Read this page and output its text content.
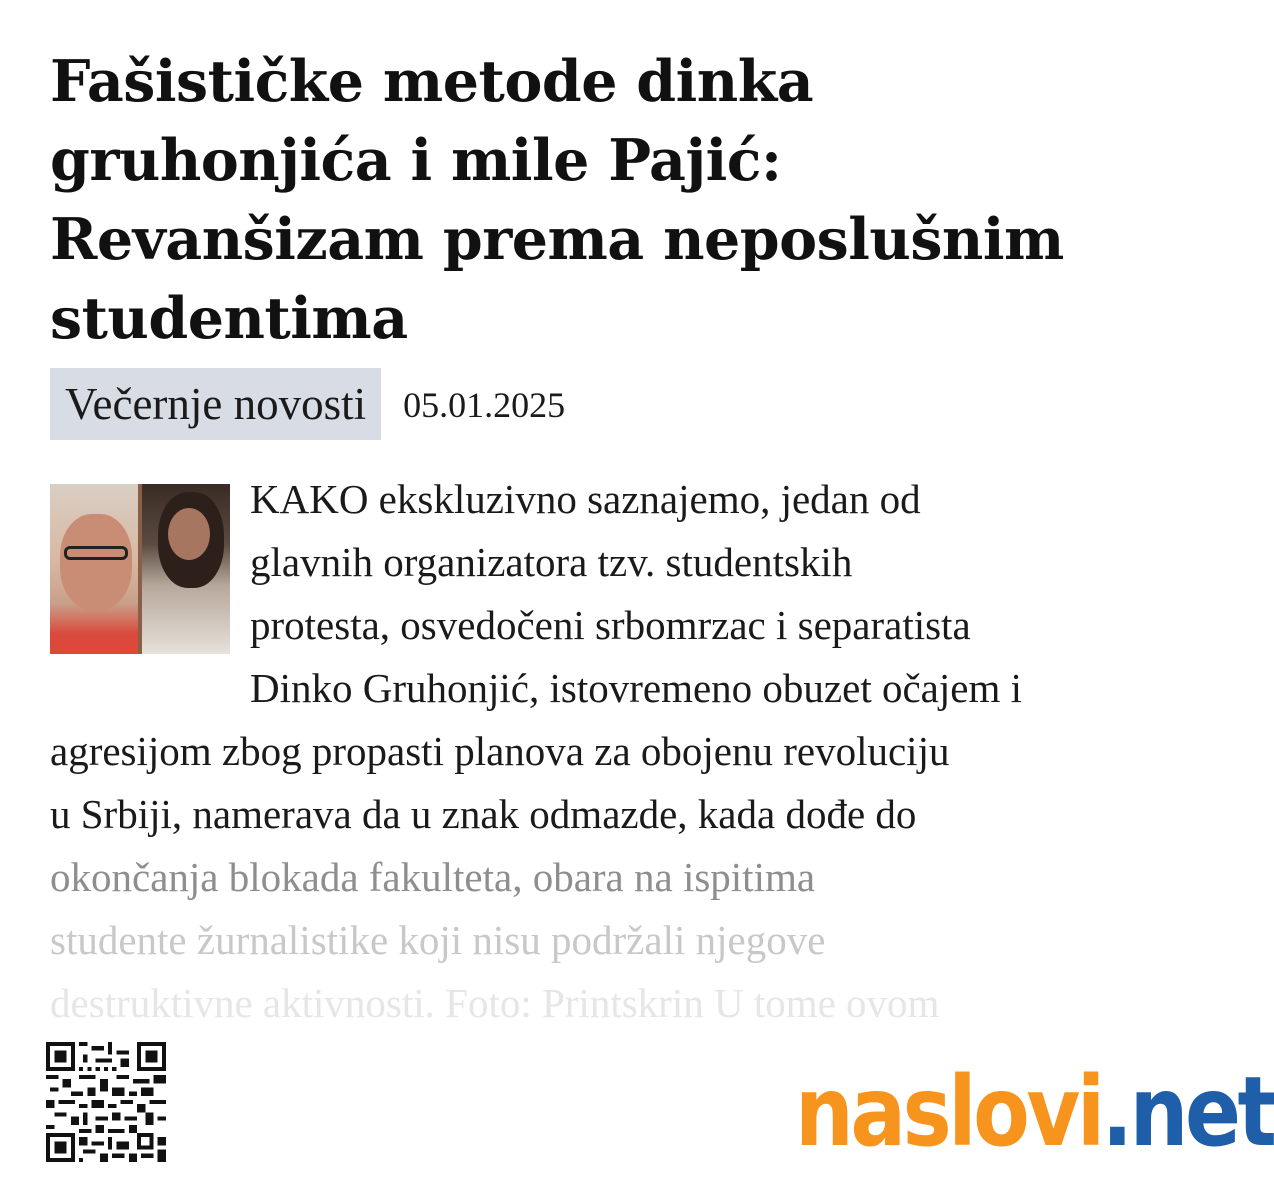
Fašističke metode dinka gruhonjića i mile Pajić: Revanšizam prema neposlušnim studentima
Večernje novosti	05.01.2025
KAKO ekskluzivno saznajemo, jedan od
glavnih organizatora tzv. studentskih
protesta, osvedočeni srbomrzac i separatista
Dinko Gruhonjić, istovremeno obuzet očajem i
agresijom zbog propasti planova za obojenu revoluciju
u Srbiji, namerava da u znak odmazde, kada dođe do
okončanja blokada fakulteta, obara na ispitima
studente žurnalistike koji nisu podržali njegove
destruktivne aktivnosti. Foto: Printskrin U tome ovom
naslovi.net
